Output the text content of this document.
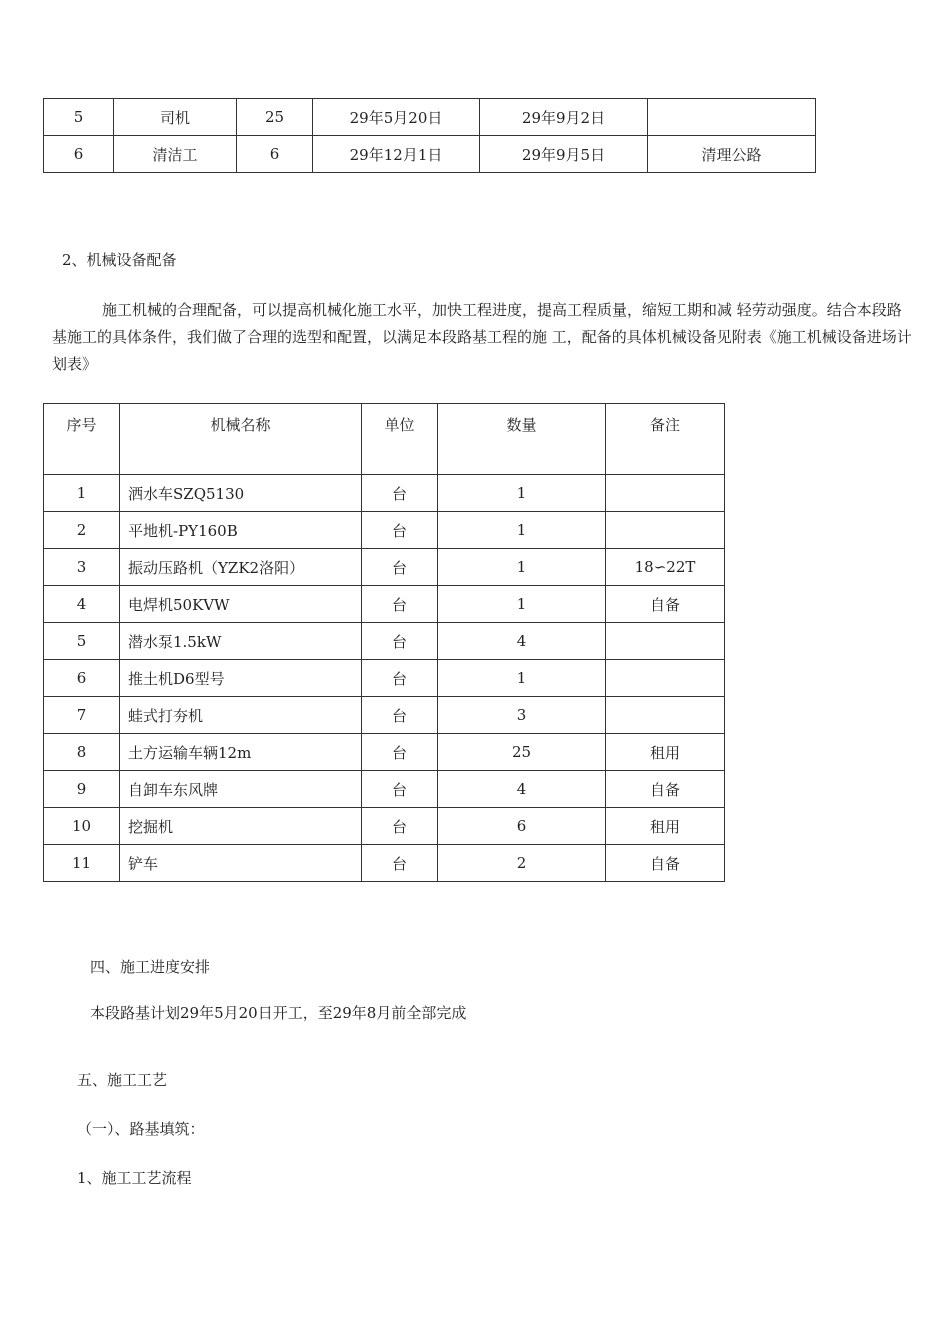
5	司机	25	29年5月20日	29年9月2日	
6	清洁工	6	29年12月1日	29年9月5日	清理公路

2、机械设备配备

施工机械的合理配备，可以提高机械化施工水平，加快工程进度，提高工程质量，缩短工期和减 轻劳动强度。结合本段路基施工的具体条件，我们做了合理的选型和配置，以满足本段路基工程的施 工，配备的具体机械设备见附表《施工机械设备进场计划表》

序号	机械名称	单位	数量	备注
1	洒水车SZQ5130	台	1	
2	平地机-PY160B	台	1	
3	振动压路机（YZK2洛阳）	台	1	18∽22T
4	电焊机50KVW	台	1	自备
5	潜水泵1.5kW	台	4	
6	推土机D6型号	台	1	
7	蛙式打夯机	台	3	
8	土方运输车辆12m	台	25	租用
9	自卸车东风牌	台	4	自备
10	挖掘机	台	6	租用
11	铲车	台	2	自备

四、施工进度安排

本段路基计划29年5月20日开工，至29年8月前全部完成

五、施工工艺

（一）、路基填筑：

1、施工工艺流程
